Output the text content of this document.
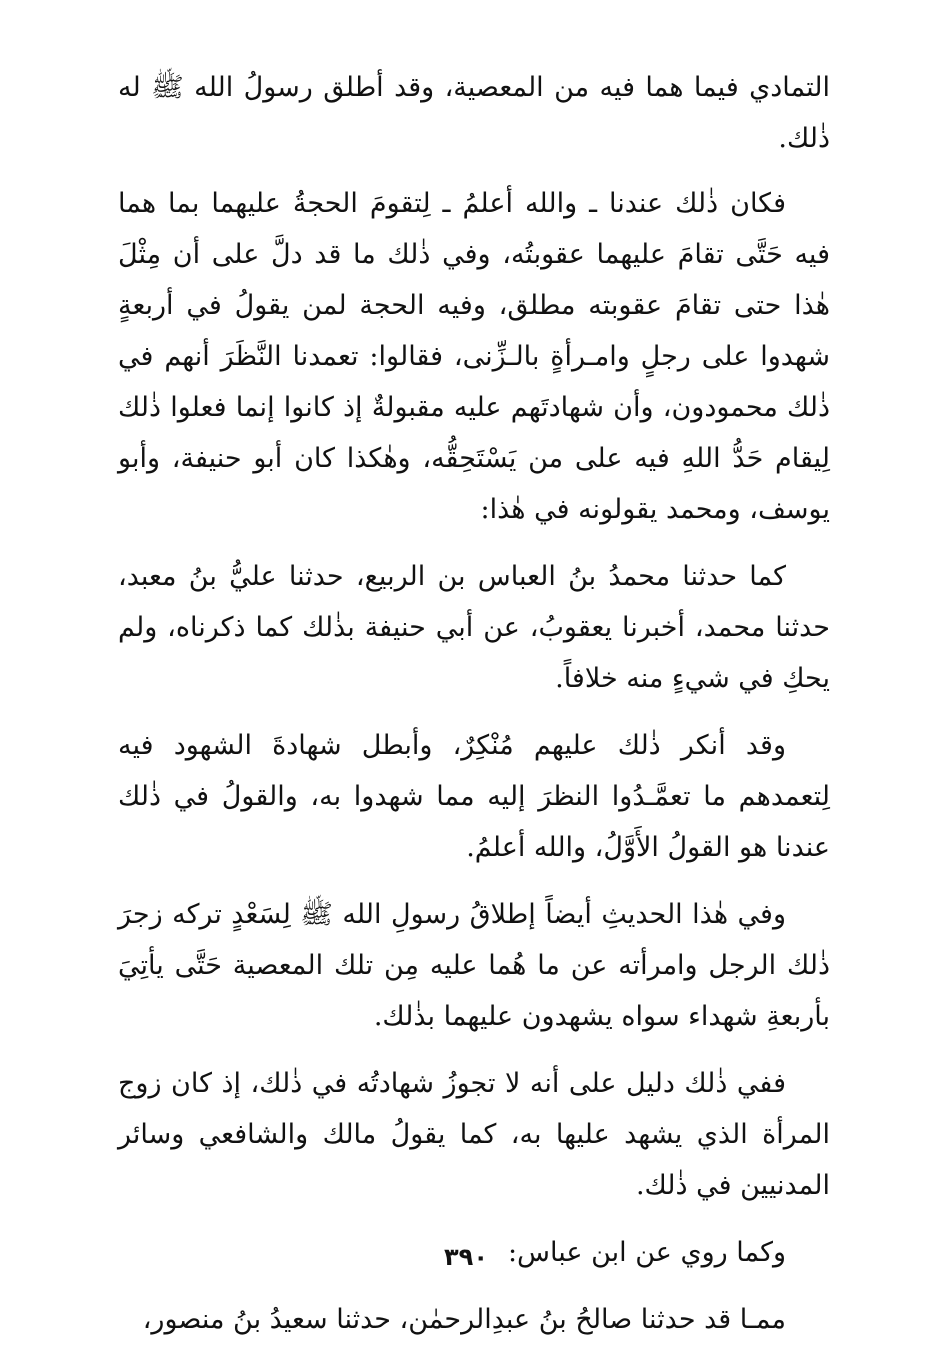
التمادي فيما هما فيه من المعصية، وقد أطلق رسولُ الله ﷺ له ذٰلك.

فكان ذٰلك عندنا ـ والله أعلمُ ـ لِتقومَ الحجةُ عليهما بما هما فيه حَتَّى تقامَ عليهما عقوبتُه، وفي ذٰلك ما قد دلَّ على أن مِثْلَ هٰذا حتى تقامَ عقوبته مطلق، وفيه الحجة لمن يقولُ في أربعةٍ شهدوا على رجلٍ وامـرأةٍ بالـزِّنى، فقالوا: تعمدنا النَّظَرَ أنهم في ذٰلك محمودون، وأن شهادتَهم عليه مقبولةٌ إذ كانوا إنما فعلوا ذٰلك لِيقام حَدُّ اللهِ فيه على من يَسْتَحِقُّه، وهٰكذا كان أبو حنيفة، وأبو يوسف، ومحمد يقولونه في هٰذا:

كما حدثنا محمدُ بنُ العباس بن الربيع، حدثنا عليُّ بنُ معبد، حدثنا محمد، أخبرنا يعقوبُ، عن أبي حنيفة بذٰلك كما ذكرناه، ولم يحكِ في شيءٍ منه خلافاً.

وقد أنكر ذٰلك عليهم مُنْكِرٌ، وأبطل شهادةَ الشهود فيه لِتعمدهم ما تعمَّـدُوا النظرَ إليه مما شهدوا به، والقولُ في ذٰلك عندنا هو القولُ الأَوَّلُ، والله أعلمُ.

وفي هٰذا الحديثِ أيضاً إطلاقُ رسولِ الله ﷺ لِسَعْدٍ تركه زجرَ ذٰلك الرجل وامرأته عن ما هُما عليه مِن تلك المعصية حَتَّى يأتِيَ بأربعةِ شهداء سواه يشهدون عليهما بذٰلك.

ففي ذٰلك دليل على أنه لا تجوزُ شهادتُه في ذٰلك، إذ كان زوج المرأة الذي يشهد عليها به، كما يقولُ مالك والشافعي وسائر المدنيين في ذٰلك.

وكما روي عن ابن عباس:

ممـا قد حدثنا صالحُ بنُ عبدِالرحمٰن، حدثنا سعيدُ بنُ منصور،

٣٩٠
